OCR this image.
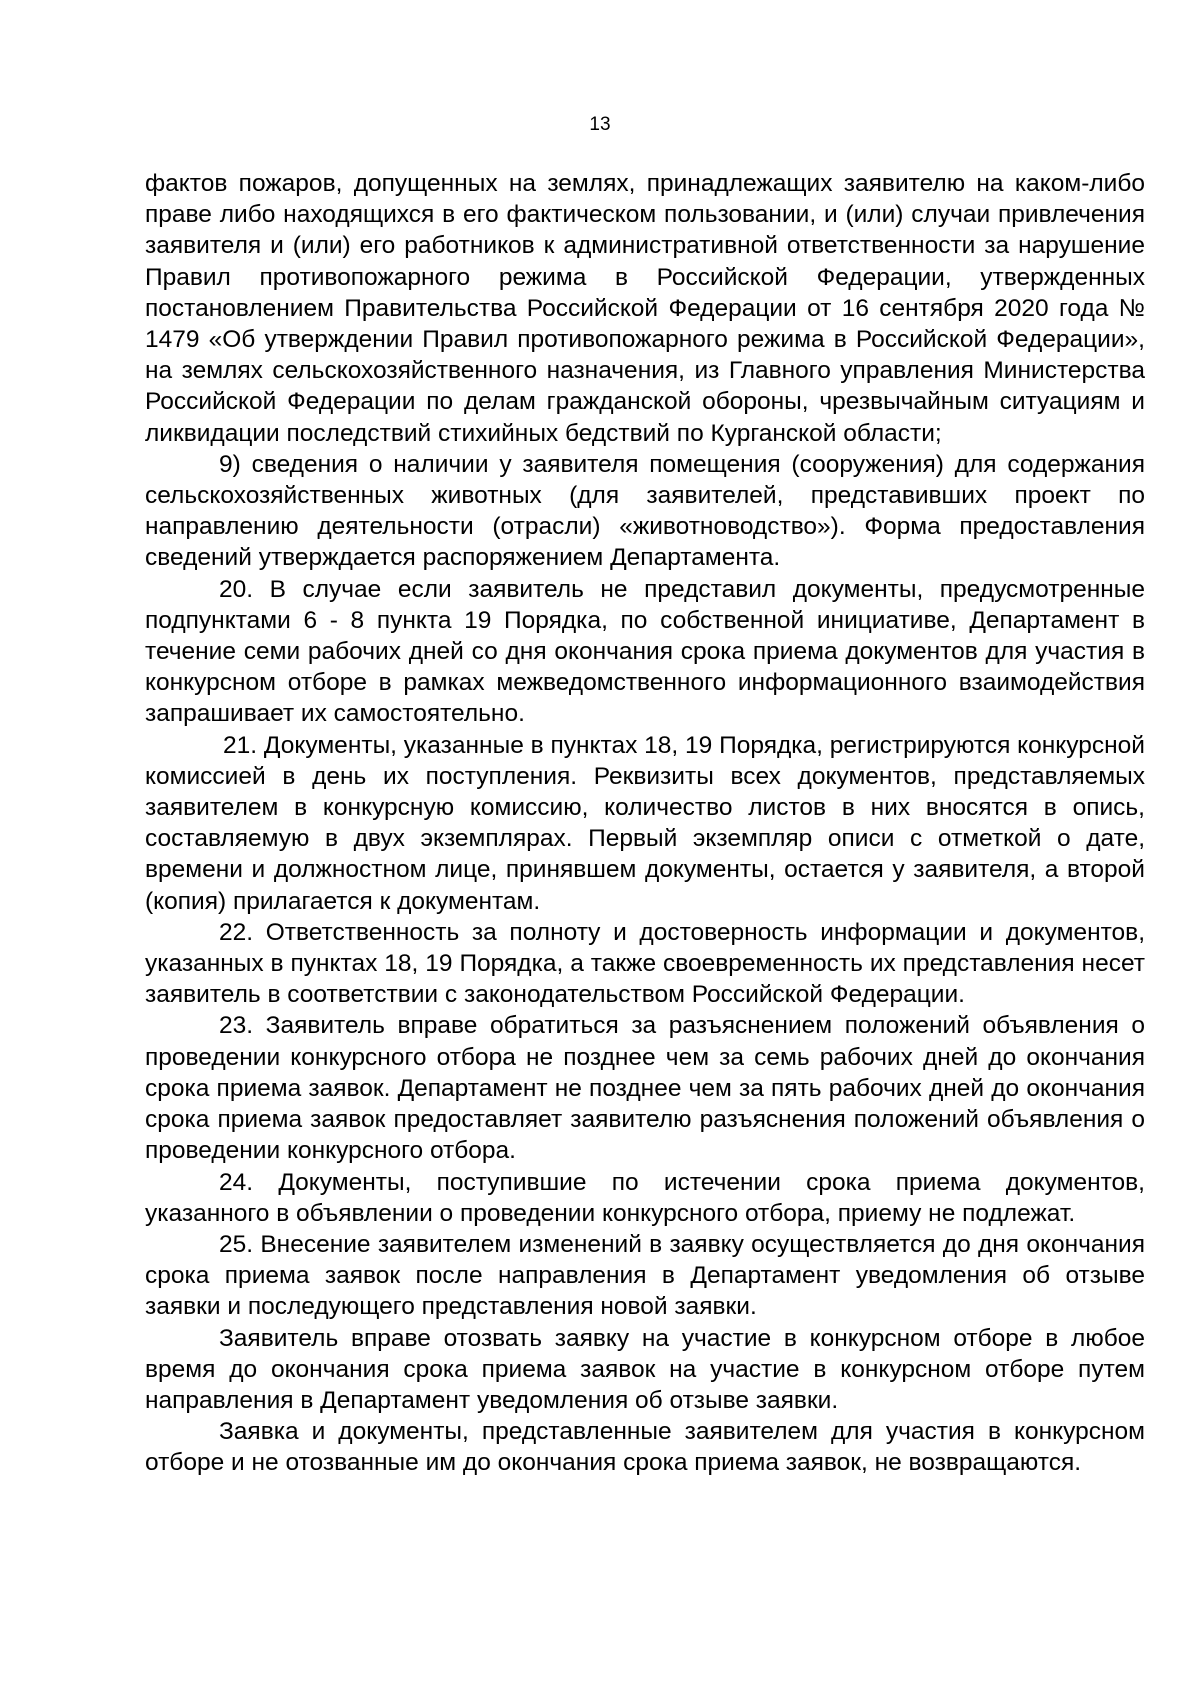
13

фактов пожаров, допущенных на землях, принадлежащих заявителю на каком-либо праве либо находящихся в его фактическом пользовании, и (или) случаи привлечения заявителя и (или) его работников к административной ответственности за нарушение Правил противопожарного режима в Российской Федерации, утвержденных постановлением Правительства Российской Федерации от 16 сентября 2020 года № 1479 «Об утверждении Правил противопожарного режима в Российской Федерации», на землях сельскохозяйственного назначения, из Главного управления Министерства Российской Федерации по делам гражданской обороны, чрезвычайным ситуациям и ликвидации последствий стихийных бедствий по Курганской области;

9) сведения о наличии у заявителя помещения (сооружения) для содержания сельскохозяйственных животных (для заявителей, представивших проект по направлению деятельности (отрасли) «животноводство»). Форма предоставления сведений утверждается распоряжением Департамента.

20. В случае если заявитель не представил документы, предусмотренные подпунктами 6 - 8 пункта 19 Порядка, по собственной инициативе, Департамент в течение семи рабочих дней со дня окончания срока приема документов для участия в конкурсном отборе в рамках межведомственного информационного взаимодействия запрашивает их самостоятельно.

21. Документы, указанные в пунктах 18, 19 Порядка, регистрируются конкурсной комиссией в день их поступления. Реквизиты всех документов, представляемых заявителем в конкурсную комиссию, количество листов в них вносятся в опись, составляемую в двух экземплярах. Первый экземпляр описи с отметкой о дате, времени и должностном лице, принявшем документы, остается у заявителя, а второй (копия) прилагается к документам.

22. Ответственность за полноту и достоверность информации и документов, указанных в пунктах 18, 19 Порядка, а также своевременность их представления несет заявитель в соответствии с законодательством Российской Федерации.

23. Заявитель вправе обратиться за разъяснением положений объявления о проведении конкурсного отбора не позднее чем за семь рабочих дней до окончания срока приема заявок. Департамент не позднее чем за пять рабочих дней до окончания срока приема заявок предоставляет заявителю разъяснения положений объявления о проведении конкурсного отбора.

24. Документы, поступившие по истечении срока приема документов, указанного в объявлении о проведении конкурсного отбора, приему не подлежат.

25. Внесение заявителем изменений в заявку осуществляется до дня окончания срока приема заявок после направления в Департамент уведомления об отзыве заявки и последующего представления новой заявки.

Заявитель вправе отозвать заявку на участие в конкурсном отборе в любое время до окончания срока приема заявок на участие в конкурсном отборе путем направления в Департамент уведомления об отзыве заявки.

Заявка и документы, представленные заявителем для участия в конкурсном отборе и не отозванные им до окончания срока приема заявок, не возвращаются.
